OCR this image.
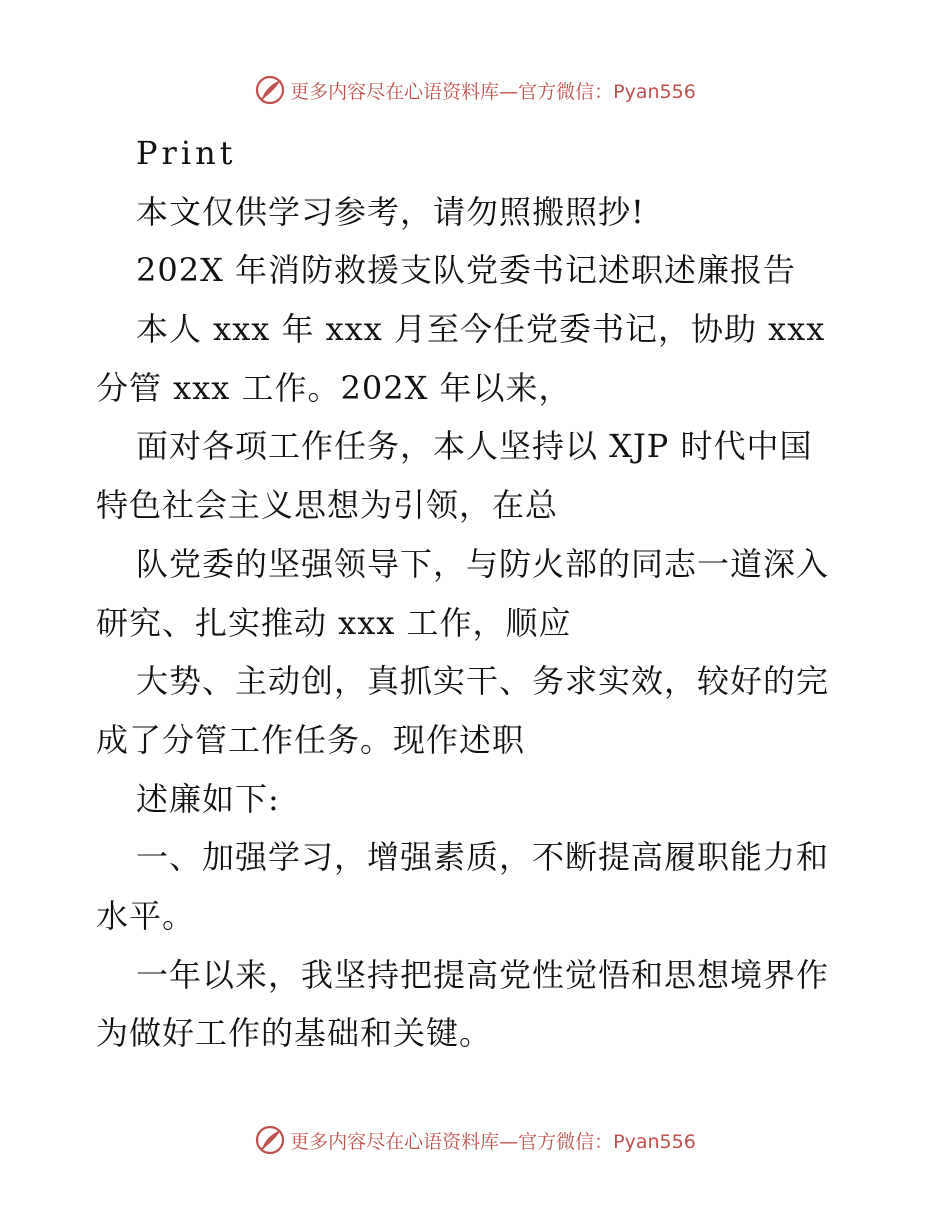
更多内容尽在心语资料库—官方微信：Pyan556
Print
本文仅供学习参考，请勿照搬照抄!
202X 年消防救援支队党委书记述职述廉报告
本人 xxx 年 xxx 月至今任党委书记，协助 xxx
分管 xxx 工作。202X 年以来，
面对各项工作任务，本人坚持以 XJP 时代中国
特色社会主义思想为引领，在总
队党委的坚强领导下，与防火部的同志一道深入
研究、扎实推动 xxx 工作，顺应
大势、主动创，真抓实干、务求实效，较好的完
成了分管工作任务。现作述职
述廉如下:
一、加强学习，增强素质，不断提高履职能力和
水平。
一年以来，我坚持把提高党性觉悟和思想境界作
为做好工作的基础和关键。
更多内容尽在心语资料库—官方微信：Pyan556
